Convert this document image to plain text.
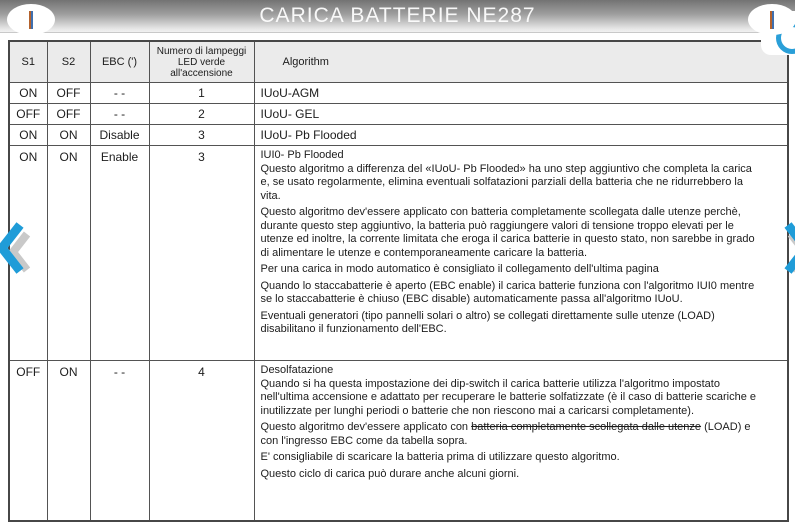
CARICA BATTERIE NE287
S1	S2	EBC (')	Numero di lampeggi LED verde all'accensione	Algorithm
ON	OFF	- -	1	IUoU-AGM
OFF	OFF	- -	2	IUoU- GEL
ON	ON	Disable	3	IUoU- Pb Flooded
ON	ON	Enable	3	IUI0- Pb Flooded

Questo algoritmo a differenza del «IUoU- Pb Flooded» ha uno step aggiuntivo che completa la carica e, se usato regolarmente, elimina eventuali solfatazioni parziali della batteria che ne ridurrebbero la vita.

Questo algoritmo dev'essere applicato con batteria completamente scollegata dalle utenze perchè, durante questo step aggiuntivo, la batteria può raggiungere valori di tensione troppo elevati per le utenze ed inoltre, la corrente limitata che eroga il carica batterie in questo stato, non sarebbe in grado di alimentare le utenze e contemporaneamente caricare la batteria.

Per una carica in modo automatico è consigliato il collegamento dell'ultima pagina

Quando lo staccabatterie è aperto (EBC enable) il carica batterie funziona con l'algoritmo IUI0 mentre se lo staccabatterie è chiuso (EBC disable) automaticamente passa all'algoritmo IUoU.

Eventuali generatori (tipo pannelli solari o altro) se collegati direttamente sulle utenze (LOAD) disabilitano il funzionamento dell'EBC.

OFF	ON	- -	4	Desolfatazione

Quando si ha questa impostazione dei dip-switch il carica batterie utilizza l'algoritmo impostato nell'ultima accensione e adattato per recuperare le batterie solfatizzate (è il caso di batterie scariche e inutilizzate per lunghi periodi o batterie che non riescono mai a caricarsi completamente).

Questo algoritmo dev'essere applicato con batteria completamente scollegata dalle utenze (LOAD) e con l'ingresso EBC come da tabella sopra.

E' consigliabile di scaricare la batteria prima di utilizzare questo algoritmo.

Questo ciclo di carica può durare anche alcuni giorni.
